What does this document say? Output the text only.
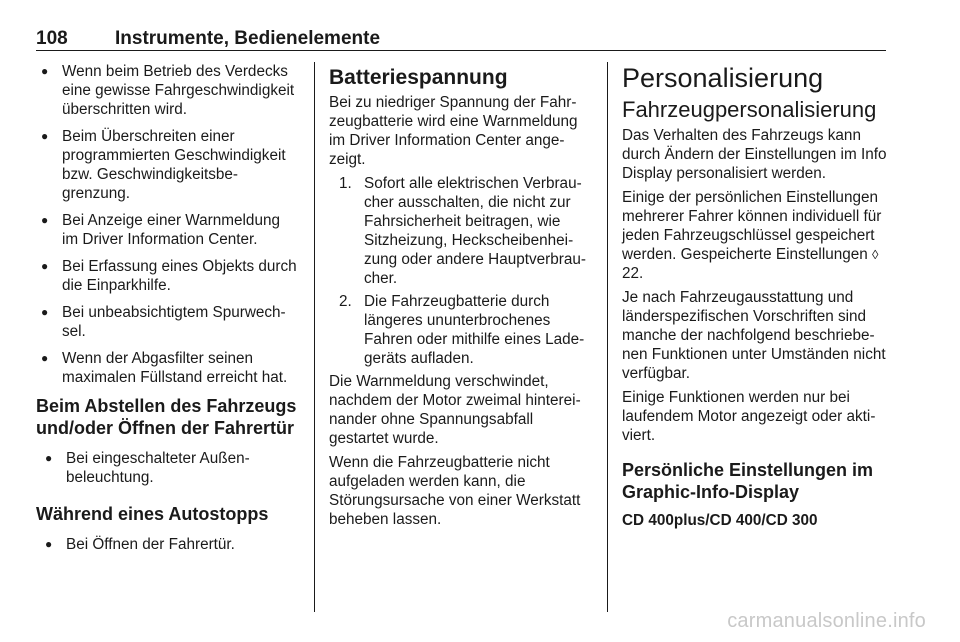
108 Instrumente, Bedienelemente
● Wenn beim Betrieb des Verdecks eine gewisse Fahrgeschwindigkeit überschritten wird.
● Beim Überschreiten einer programmierten Geschwindigkeit bzw. Geschwindigkeitsbegrenzung.
● Bei Anzeige einer Warnmeldung im Driver Information Center.
● Bei Erfassung eines Objekts durch die Einparkhilfe.
● Bei unbeabsichtigtem Spurwechsel.
● Wenn der Abgasfilter seinen maximalen Füllstand erreicht hat.
Beim Abstellen des Fahrzeugs und/oder Öffnen der Fahrertür
● Bei eingeschalteter Außenbeleuchtung.
Während eines Autostopps
● Bei Öffnen der Fahrertür.
Batteriespannung

Bei zu niedriger Spannung der Fahrzeugbatterie wird eine Warnmeldung im Driver Information Center angezeigt.

1. Sofort alle elektrischen Verbraucher ausschalten, die nicht zur Fahrsicherheit beitragen, wie Sitzheizung, Heckscheibenheizung oder andere Hauptverbraucher.
2. Die Fahrzeugbatterie durch längeres ununterbrochenes Fahren oder mithilfe eines Ladegeräts aufladen.

Die Warnmeldung verschwindet, nachdem der Motor zweimal hintereinander ohne Spannungsabfall gestartet wurde.

Wenn die Fahrzeugbatterie nicht aufgeladen werden kann, die Störungsursache von einer Werkstatt beheben lassen.

Personalisierung
Fahrzeugpersonalisierung

Das Verhalten des Fahrzeugs kann durch Ändern der Einstellungen im Info Display personalisiert werden.

Einige der persönlichen Einstellungen mehrerer Fahrer können individuell für jeden Fahrzeugschlüssel gespeichert werden. Gespeicherte Einstellungen ◊ 22.

Je nach Fahrzeugausstattung und länderspezifischen Vorschriften sind manche der nachfolgend beschriebenen Funktionen unter Umständen nicht verfügbar.

Einige Funktionen werden nur bei laufendem Motor angezeigt oder aktiviert.

Persönliche Einstellungen im Graphic-Info-Display
CD 400plus/CD 400/CD 300
carmanualsonline.info
